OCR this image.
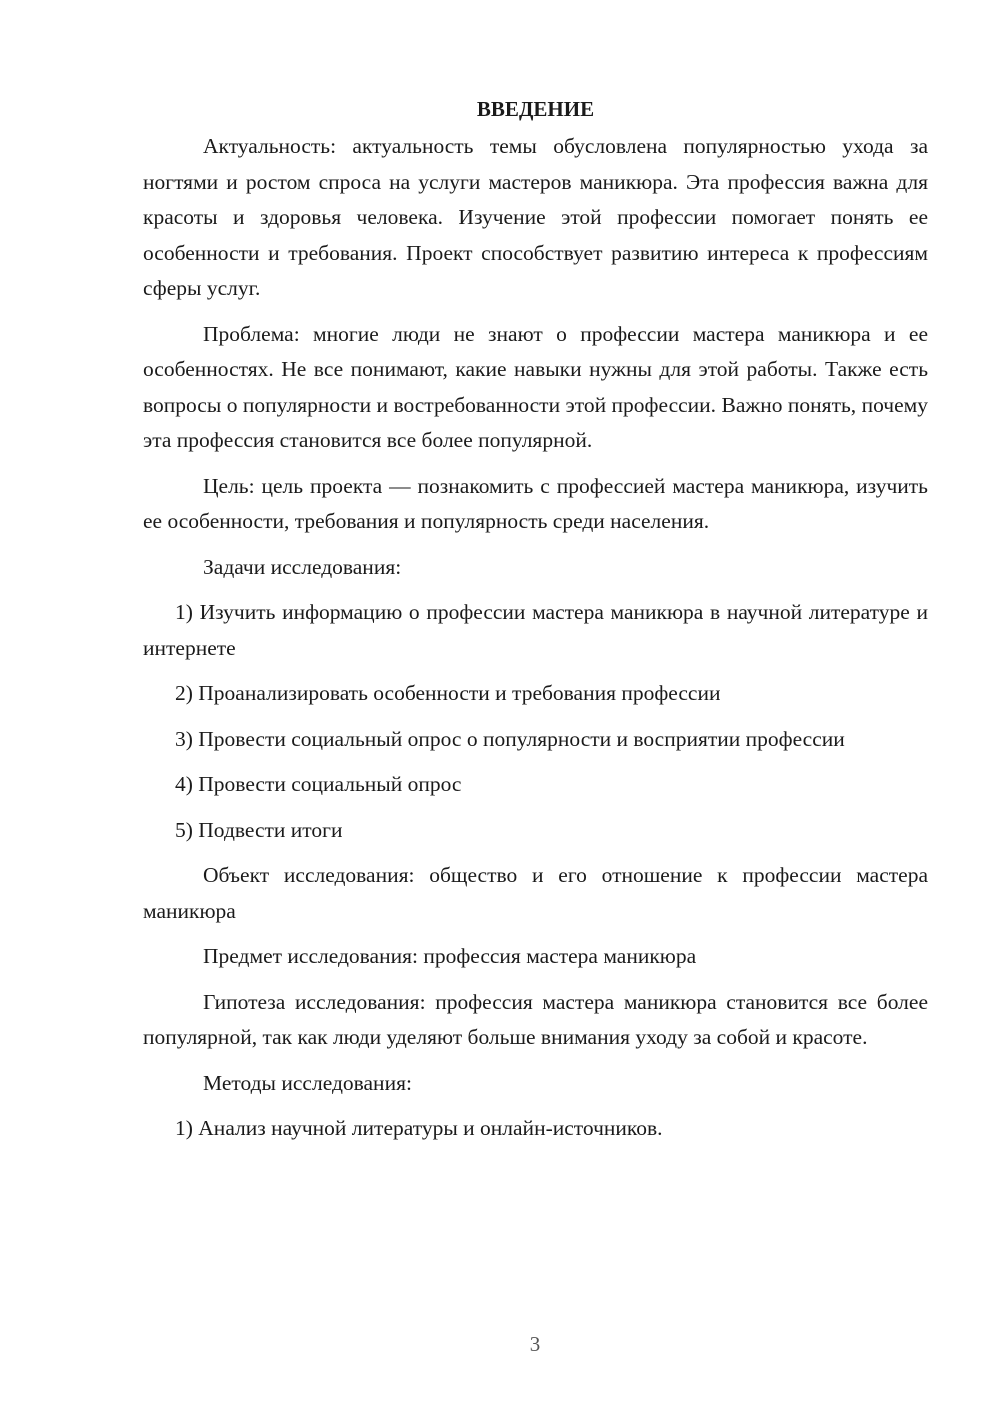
ВВЕДЕНИЕ

Актуальность: актуальность темы обусловлена популярностью ухода за ногтями и ростом спроса на услуги мастеров маникюра. Эта профессия важна для красоты и здоровья человека. Изучение этой профессии помогает понять ее особенности и требования. Проект способствует развитию интереса к профессиям сферы услуг.

Проблема: многие люди не знают о профессии мастера маникюра и ее особенностях. Не все понимают, какие навыки нужны для этой работы. Также есть вопросы о популярности и востребованности этой профессии. Важно понять, почему эта профессия становится все более популярной.

Цель: цель проекта — познакомить с профессией мастера маникюра, изучить ее особенности, требования и популярность среди населения.

Задачи исследования:

1) Изучить информацию о профессии мастера маникюра в научной литературе и интернете

2) Проанализировать особенности и требования профессии

3) Провести социальный опрос о популярности и восприятии профессии

4) Провести социальный опрос

5) Подвести итоги

Объект исследования: общество и его отношение к профессии мастера маникюра

Предмет исследования: профессия мастера маникюра

Гипотеза исследования: профессия мастера маникюра становится все более популярной, так как люди уделяют больше внимания уходу за собой и красоте.

Методы исследования:

1) Анализ научной литературы и онлайн-источников.

3
